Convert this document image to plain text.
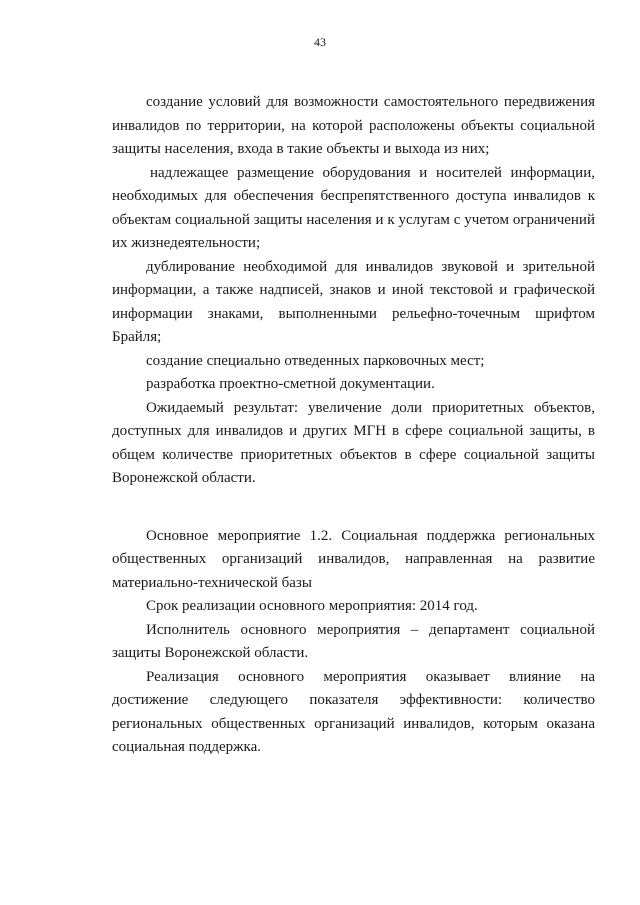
43

создание условий для возможности самостоятельного передвижения инвалидов по территории, на которой расположены объекты социальной защиты населения, входа в такие объекты и выхода из них;

надлежащее размещение оборудования и носителей информации, необходимых для обеспечения беспрепятственного доступа инвалидов к объектам социальной защиты населения и к услугам с учетом ограничений их жизнедеятельности;

дублирование необходимой для инвалидов звуковой и зрительной информации, а также надписей, знаков и иной текстовой и графической информации знаками, выполненными рельефно-точечным шрифтом Брайля;

создание специально отведенных парковочных мест;

разработка проектно-сметной документации.

Ожидаемый результат: увеличение доли приоритетных объектов, доступных для инвалидов и других МГН в сфере социальной защиты, в общем количестве приоритетных объектов в сфере социальной защиты Воронежской области.

Основное мероприятие 1.2. Социальная поддержка региональных общественных организаций инвалидов, направленная на развитие материально-технической базы

Срок реализации основного мероприятия: 2014 год.

Исполнитель основного мероприятия – департамент социальной защиты Воронежской области.

Реализация основного мероприятия оказывает влияние на достижение следующего показателя эффективности: количество региональных общественных организаций инвалидов, которым оказана социальная поддержка.
